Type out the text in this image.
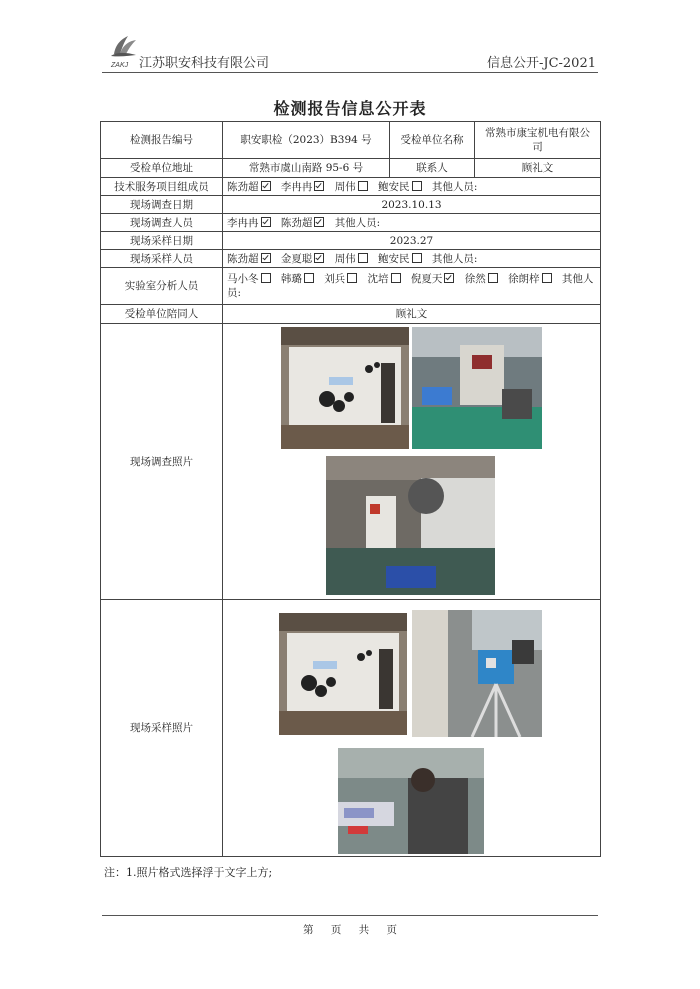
ZAKJ 江苏职安科技有限公司	信息公开-JC-2021
检测报告信息公开表
检测报告编号	职安职检（2023）B394 号	受检单位名称	常熟市康宝机电有限公司
受检单位地址	常熟市虞山南路 95-6 号	联系人	顾礼文
技术服务项目组成员	陈劲超 李冉冉 周伟 鲍安民 其他人员:		
现场调查日期	2023.10.13		
现场调查人员	李冉冉 陈劲超 其他人员:		
现场采样日期	2023.27		
现场采样人员	陈劲超 金夏聪 周伟 鲍安民 其他人员:		
实验室分析人员	马小冬 韩璐 刘兵 沈培 倪夏天 徐然 徐朗梓 其他人员:		
受检单位陪同人	顾礼文		
现场调查照片	

现场采样照片	
注：1.照片格式选择浮于文字上方;
第 页 共 页
